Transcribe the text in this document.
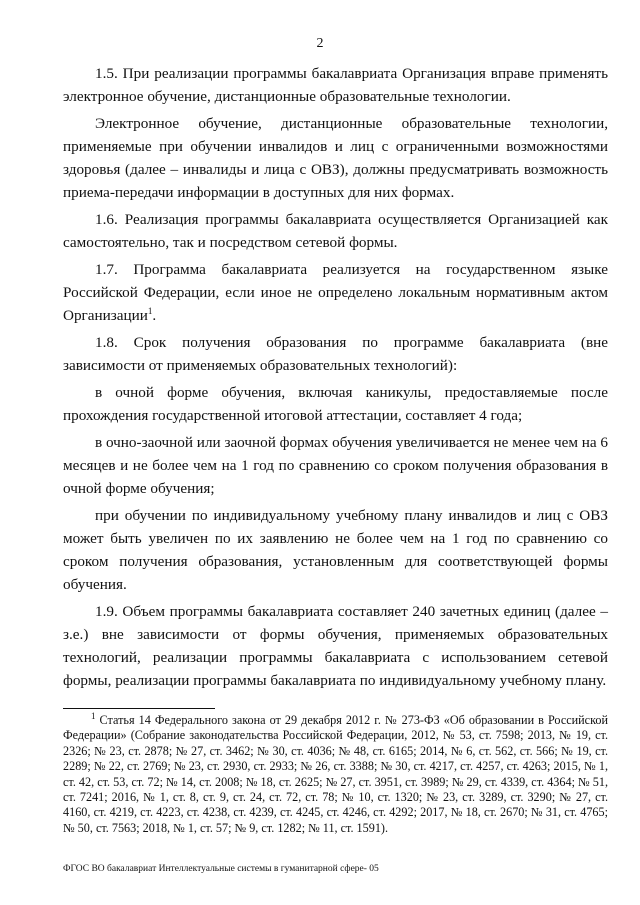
2

1.5. При реализации программы бакалавриата Организация вправе применять электронное обучение, дистанционные образовательные технологии.

Электронное обучение, дистанционные образовательные технологии, применяемые при обучении инвалидов и лиц с ограниченными возможностями здоровья (далее – инвалиды и лица с ОВЗ), должны предусматривать возможность приема-передачи информации в доступных для них формах.

1.6. Реализация программы бакалавриата осуществляется Организацией как самостоятельно, так и посредством сетевой формы.

1.7. Программа бакалавриата реализуется на государственном языке Российской Федерации, если иное не определено локальным нормативным актом Организации$^1$.

1.8. Срок получения образования по программе бакалавриата (вне зависимости от применяемых образовательных технологий):

в очной форме обучения, включая каникулы, предоставляемые после прохождения государственной итоговой аттестации, составляет 4 года;

в очно-заочной или заочной формах обучения увеличивается не менее чем на 6 месяцев и не более чем на 1 год по сравнению со сроком получения образования в очной форме обучения;

при обучении по индивидуальному учебному плану инвалидов и лиц с ОВЗ может быть увеличен по их заявлению не более чем на 1 год по сравнению со сроком получения образования, установленным для соответствующей формы обучения.

1.9. Объем программы бакалавриата составляет 240 зачетных единиц (далее – з.е.) вне зависимости от формы обучения, применяемых образовательных технологий, реализации программы бакалавриата с использованием сетевой формы, реализации программы бакалавриата по индивидуальному учебному плану.

$^1$ Статья 14 Федерального закона от 29 декабря 2012 г. № 273-ФЗ «Об образовании в Российской Федерации» (Собрание законодательства Российской Федерации, 2012, № 53, ст. 7598; 2013, № 19, ст. 2326; № 23, ст. 2878; № 27, ст. 3462; № 30, ст. 4036; № 48, ст. 6165; 2014, № 6, ст. 562, ст. 566; № 19, ст. 2289; № 22, ст. 2769; № 23, ст. 2930, ст. 2933; № 26, ст. 3388; № 30, ст. 4217, ст. 4257, ст. 4263; 2015, № 1, ст. 42, ст. 53, ст. 72; № 14, ст. 2008; № 18, ст. 2625; № 27, ст. 3951, ст. 3989; № 29, ст. 4339, ст. 4364; № 51, ст. 7241; 2016, № 1, ст. 8, ст. 9, ст. 24, ст. 72, ст. 78; № 10, ст. 1320; № 23, ст. 3289, ст. 3290; № 27, ст. 4160, ст. 4219, ст. 4223, ст. 4238, ст. 4239, ст. 4245, ст. 4246, ст. 4292; 2017, № 18, ст. 2670; № 31, ст. 4765; № 50, ст. 7563; 2018, № 1, ст. 57; № 9, ст. 1282; № 11, ст. 1591).
ФГОС ВО бакалавриат Интеллектуальные системы в гуманитарной сфере- 05
